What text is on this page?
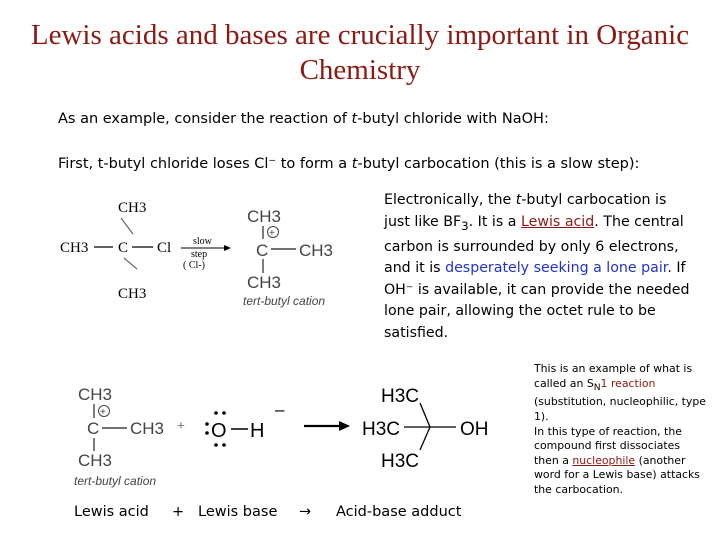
Lewis acids and bases are crucially important in Organic Chemistry
As an example, consider the reaction of t-butyl chloride with NaOH:
First, t-butyl chloride loses Cl⁻ to form a t-butyl carbocation (this is a slow step):
Electronically, the t-butyl carbocation is just like $BF_3$. It is a Lewis acid. The central carbon is surrounded by only 6 electrons, and it is desperately seeking a lone pair. If OH⁻ is available, it can provide the needed lone pair, allowing the octet rule to be satisfied.
This is an example of what is called an $S_N1$ reaction (substitution, nucleophilic, type 1).
In this type of reaction, the compound first dissociates then a nucleophile (another word for a Lewis base) attacks the carbocation.
CH3
CH3 C Cl
CH3
slow
step
( Cl-)
CH3
+
C CH3
CH3
tert-butyl cation
CH3
+
C CH3
CH3
tert-butyl cation
+ O H
–
H3C
H3C	OH
H3C
Lewis acid + Lewis base → Acid-base adduct
